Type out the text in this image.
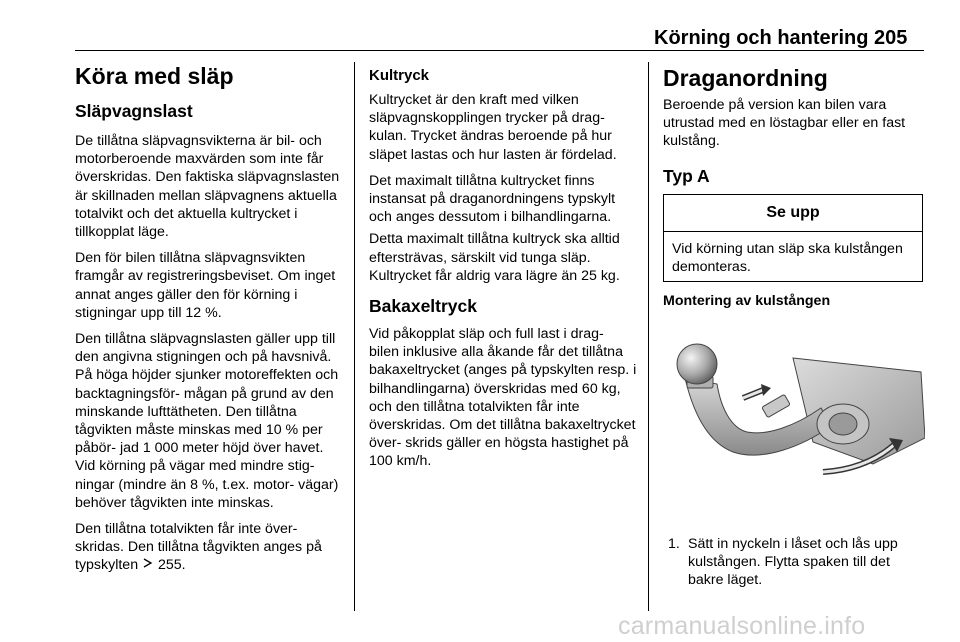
Körning och hantering 205
Köra med släp
Släpvagnslast

De tillåtna släpvagnsvikterna är bil- och motorberoende maxvärden som inte får överskridas. Den faktiska släpvagnslasten är skillnaden mellan släpvagnens aktuella totalvikt och det aktuella kultrycket i tillkopplat läge.

Den för bilen tillåtna släpvagnsvikten framgår av registreringsbeviset. Om inget annat anges gäller den för körning i stigningar upp till 12 %.

Den tillåtna släpvagnslasten gäller upp till den angivna stigningen och på havsnivå. På höga höjder sjunker motoreffekten och backtagningsför- mågan på grund av den minskande lufttätheten. Den tillåtna tågvikten måste minskas med 10 % per påbör- jad 1 000 meter höjd över havet. Vid körning på vägar med mindre stig- ningar (mindre än 8 %, t.ex. motor- vägar) behöver tågvikten inte minskas.

Den tillåtna totalvikten får inte över- skridas. Den tillåtna tågvikten anges på typskylten 255.

Kultryck

Kultrycket är den kraft med vilken släpvagnskopplingen trycker på drag- kulan. Trycket ändras beroende på hur släpet lastas och hur lasten är fördelad.

Det maximalt tillåtna kultrycket finns instansat på draganordningens typskylt och anges dessutom i bilhandlingarna.

Detta maximalt tillåtna kultryck ska alltid eftersträvas, särskilt vid tunga släp. Kultrycket får aldrig vara lägre än 25 kg.

Bakaxeltryck

Vid påkopplat släp och full last i drag- bilen inklusive alla åkande får det tillåtna bakaxeltrycket (anges på typskylten resp. i bilhandlingarna) överskridas med 60 kg, och den tillåtna totalvikten får inte överskridas. Om det tillåtna bakaxeltrycket över- skrids gäller en högsta hastighet på 100 km/h.

Draganordning

Beroende på version kan bilen vara utrustad med en löstagbar eller en fast kulstång.

Typ A
Se upp
Vid körning utan släp ska kulstången demonteras.
Montering av kulstången
1. Sätt in nyckeln i låset och lås upp kulstången. Flytta spaken till det bakre läget.
carmanualsonline.info
